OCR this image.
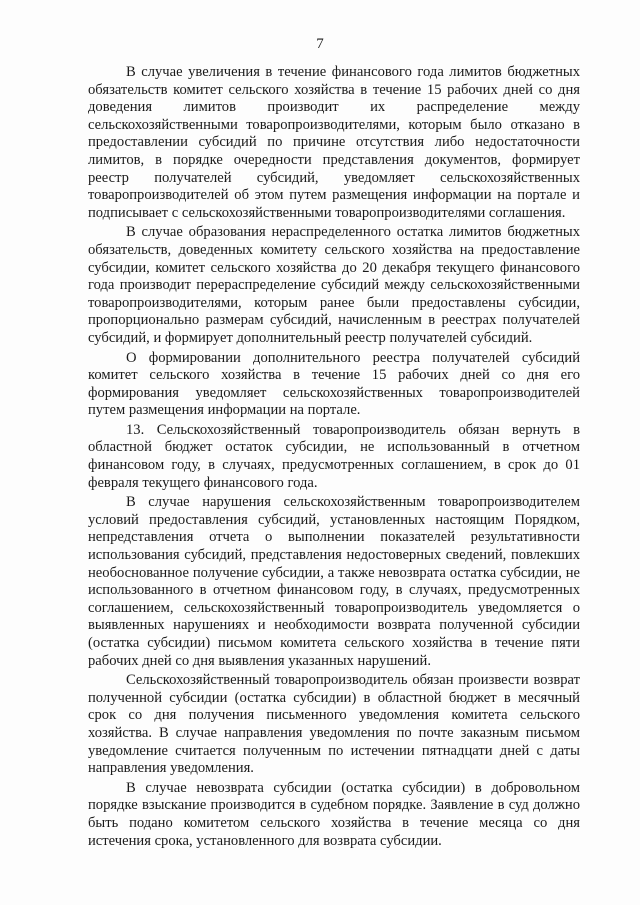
7

В случае увеличения в течение финансового года лимитов бюджетных обязательств комитет сельского хозяйства в течение 15 рабочих дней со дня доведения лимитов производит их распределение между сельскохозяйственными товаропроизводителями, которым было отказано в предоставлении субсидий по причине отсутствия либо недостаточности лимитов, в порядке очередности представления документов, формирует реестр получателей субсидий, уведомляет сельскохозяйственных товаропроизводителей об этом путем размещения информации на портале и подписывает с сельскохозяйственными товаропроизводителями соглашения.

В случае образования нераспределенного остатка лимитов бюджетных обязательств, доведенных комитету сельского хозяйства на предоставление субсидии, комитет сельского хозяйства до 20 декабря текущего финансового года производит перераспределение субсидий между сельскохозяйственными товаропроизводителями, которым ранее были предоставлены субсидии, пропорционально размерам субсидий, начисленным в реестрах получателей субсидий, и формирует дополнительный реестр получателей субсидий.

О формировании дополнительного реестра получателей субсидий комитет сельского хозяйства в течение 15 рабочих дней со дня его формирования уведомляет сельскохозяйственных товаропроизводителей путем размещения информации на портале.

13. Сельскохозяйственный товаропроизводитель обязан вернуть в областной бюджет остаток субсидии, не использованный в отчетном финансовом году, в случаях, предусмотренных соглашением, в срок до 01 февраля текущего финансового года.

В случае нарушения сельскохозяйственным товаропроизводителем условий предоставления субсидий, установленных настоящим Порядком, непредставления отчета о выполнении показателей результативности использования субсидий, представления недостоверных сведений, повлекших необоснованное получение субсидии, а также невозврата остатка субсидии, не использованного в отчетном финансовом году, в случаях, предусмотренных соглашением, сельскохозяйственный товаропроизводитель уведомляется о выявленных нарушениях и необходимости возврата полученной субсидии (остатка субсидии) письмом комитета сельского хозяйства в течение пяти рабочих дней со дня выявления указанных нарушений.

Сельскохозяйственный товаропроизводитель обязан произвести возврат полученной субсидии (остатка субсидии) в областной бюджет в месячный срок со дня получения письменного уведомления комитета сельского хозяйства. В случае направления уведомления по почте заказным письмом уведомление считается полученным по истечении пятнадцати дней с даты направления уведомления.

В случае невозврата субсидии (остатка субсидии) в добровольном порядке взыскание производится в судебном порядке. Заявление в суд должно быть подано комитетом сельского хозяйства в течение месяца со дня истечения срока, установленного для возврата субсидии.
